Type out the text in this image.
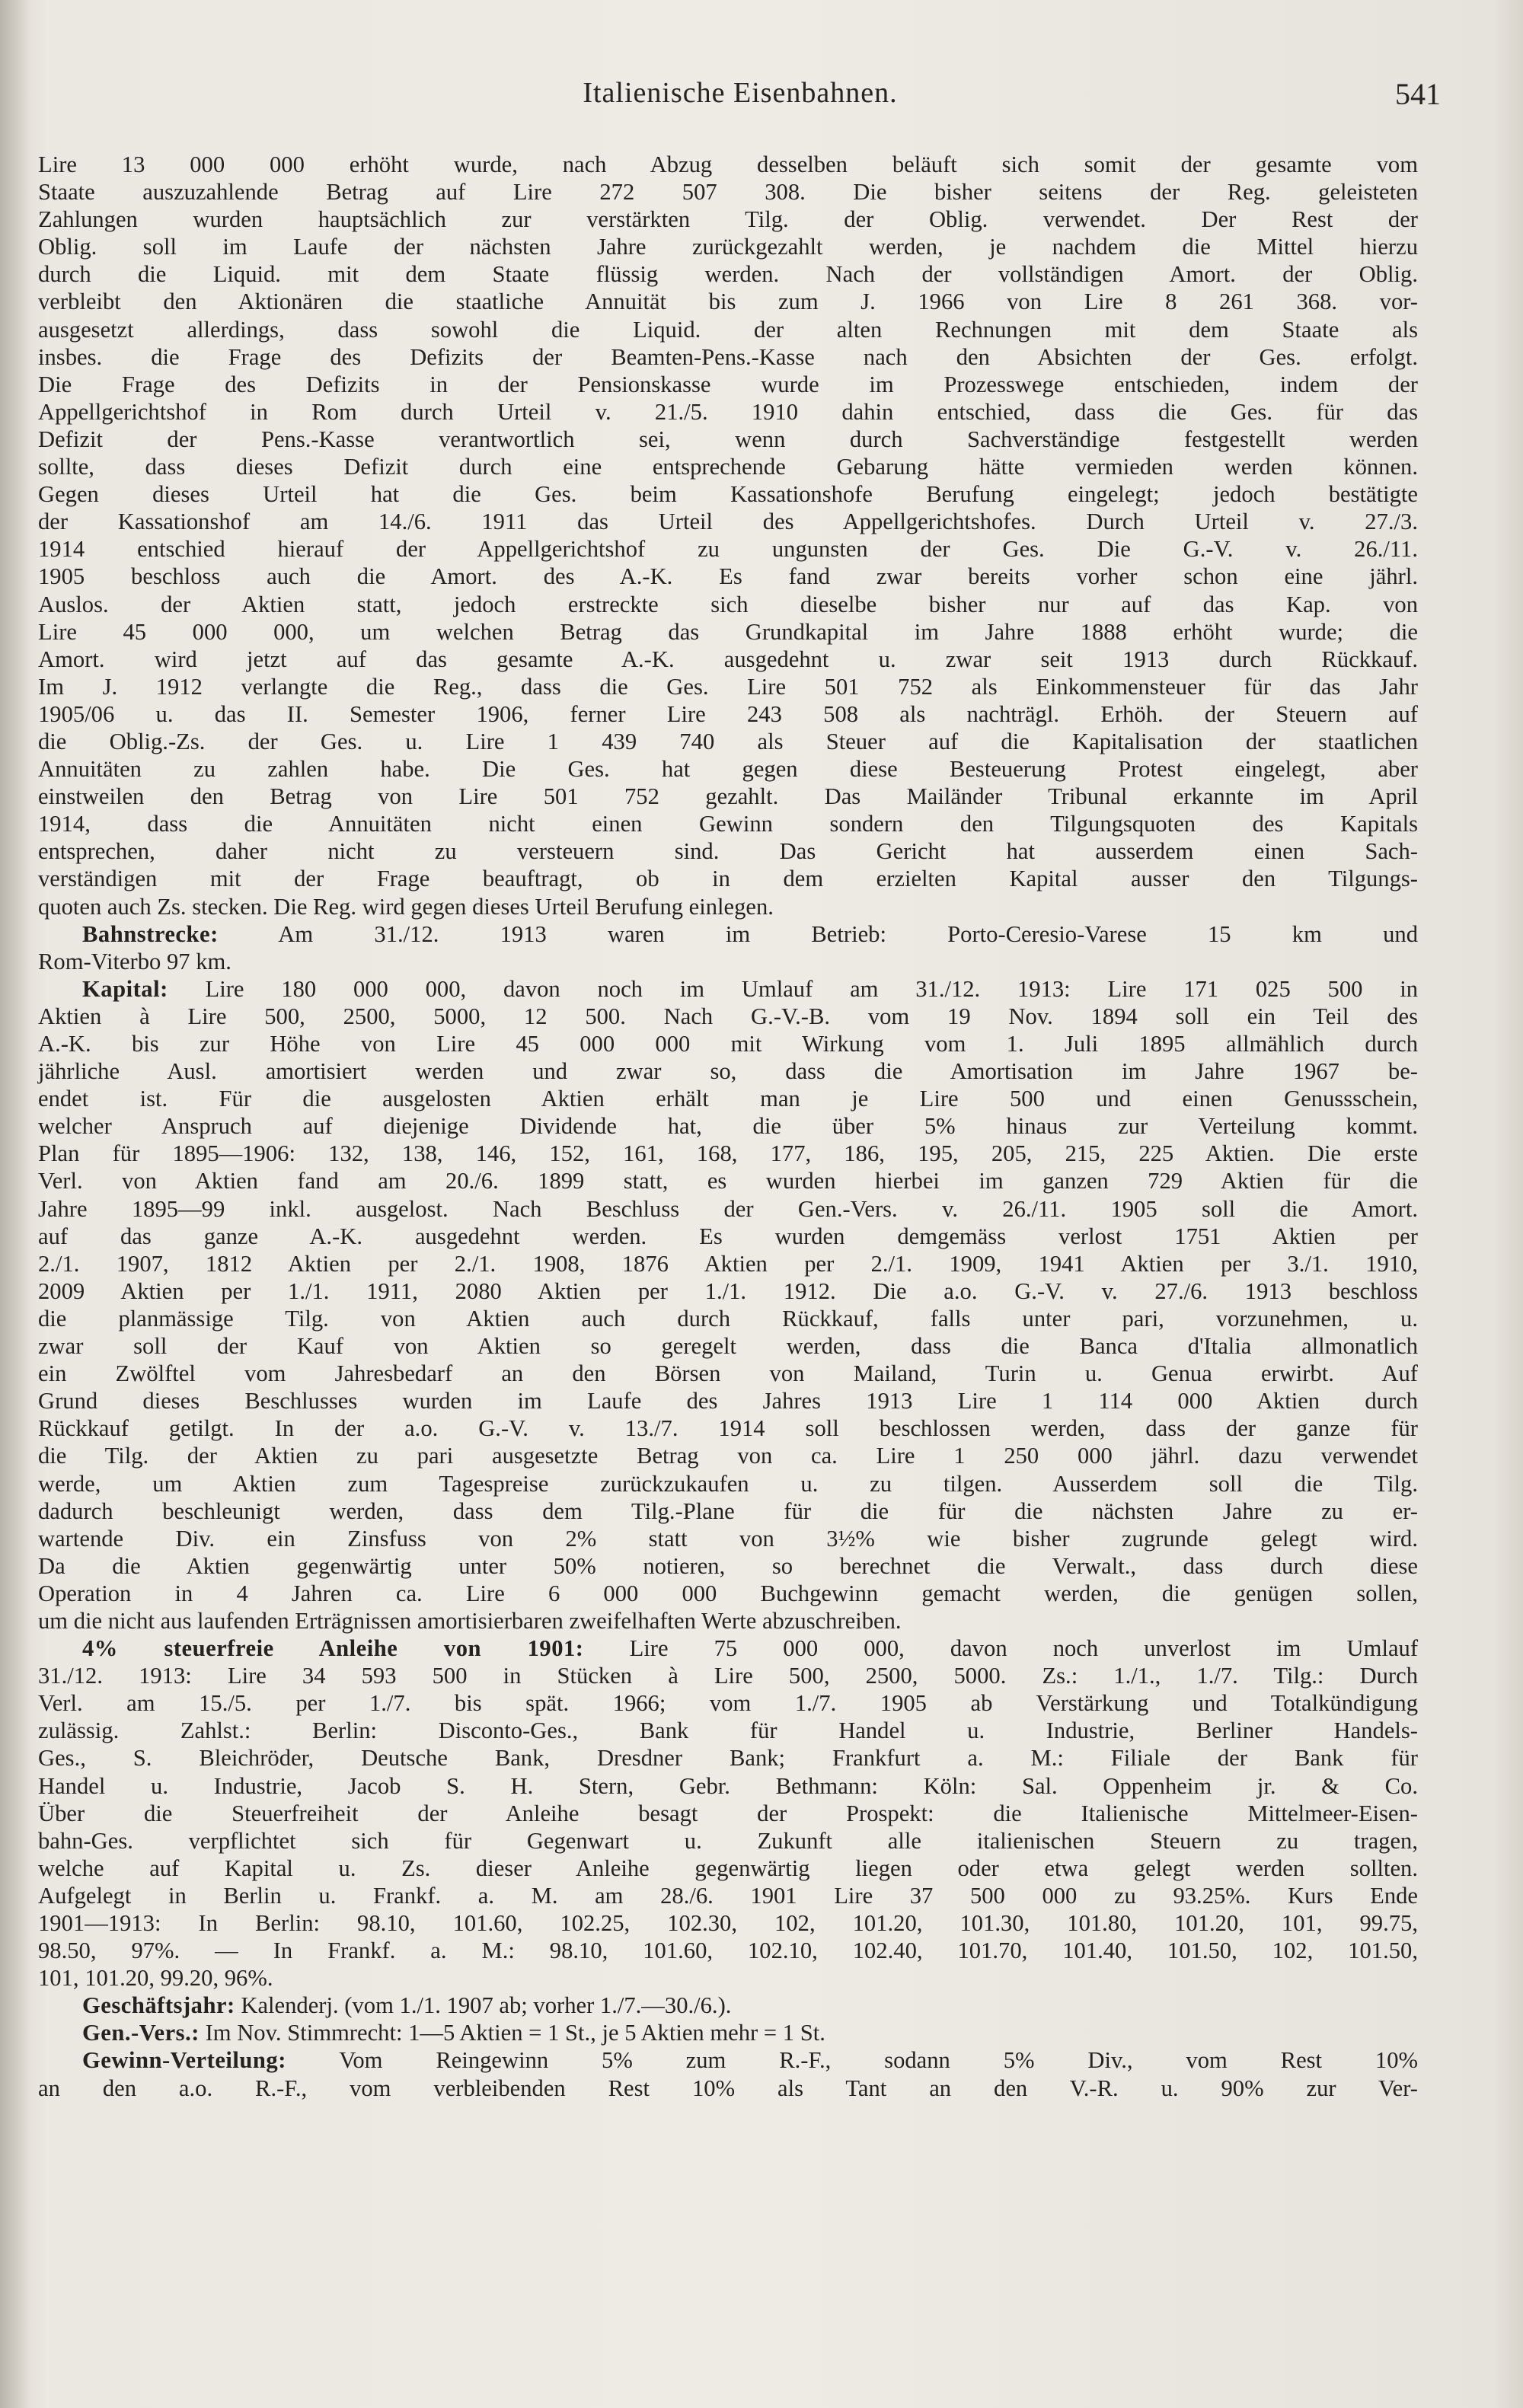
Italienische Eisenbahnen.	541
Lire 13 000 000 erhöht wurde, nach Abzug desselben beläuft sich somit der gesamte vom
Staate auszuzahlende Betrag auf Lire 272 507 308. Die bisher seitens der Reg. geleisteten
Zahlungen wurden hauptsächlich zur verstärkten Tilg. der Oblig. verwendet. Der Rest der
Oblig. soll im Laufe der nächsten Jahre zurückgezahlt werden, je nachdem die Mittel hierzu
durch die Liquid. mit dem Staate flüssig werden. Nach der vollständigen Amort. der Oblig.
verbleibt den Aktionären die staatliche Annuität bis zum J. 1966 von Lire 8 261 368. vor-
ausgesetzt allerdings, dass sowohl die Liquid. der alten Rechnungen mit dem Staate als
insbes. die Frage des Defizits der Beamten-Pens.-Kasse nach den Absichten der Ges. erfolgt.
Die Frage des Defizits in der Pensionskasse wurde im Prozesswege entschieden, indem der
Appellgerichtshof in Rom durch Urteil v. 21./5. 1910 dahin entschied, dass die Ges. für das
Defizit der Pens.-Kasse verantwortlich sei, wenn durch Sachverständige festgestellt werden
sollte, dass dieses Defizit durch eine entsprechende Gebarung hätte vermieden werden können.
Gegen dieses Urteil hat die Ges. beim Kassationshofe Berufung eingelegt; jedoch bestätigte
der Kassationshof am 14./6. 1911 das Urteil des Appellgerichtshofes. Durch Urteil v. 27./3.
1914 entschied hierauf der Appellgerichtshof zu ungunsten der Ges. Die G.-V. v. 26./11.
1905 beschloss auch die Amort. des A.-K. Es fand zwar bereits vorher schon eine jährl.
Auslos. der Aktien statt, jedoch erstreckte sich dieselbe bisher nur auf das Kap. von
Lire 45 000 000, um welchen Betrag das Grundkapital im Jahre 1888 erhöht wurde; die
Amort. wird jetzt auf das gesamte A.-K. ausgedehnt u. zwar seit 1913 durch Rückkauf.
Im J. 1912 verlangte die Reg., dass die Ges. Lire 501 752 als Einkommensteuer für das Jahr
1905/06 u. das II. Semester 1906, ferner Lire 243 508 als nachträgl. Erhöh. der Steuern auf
die Oblig.-Zs. der Ges. u. Lire 1 439 740 als Steuer auf die Kapitalisation der staatlichen
Annuitäten zu zahlen habe. Die Ges. hat gegen diese Besteuerung Protest eingelegt, aber
einstweilen den Betrag von Lire 501 752 gezahlt. Das Mailänder Tribunal erkannte im April
1914, dass die Annuitäten nicht einen Gewinn sondern den Tilgungsquoten des Kapitals
entsprechen, daher nicht zu versteuern sind. Das Gericht hat ausserdem einen Sach-
verständigen mit der Frage beauftragt, ob in dem erzielten Kapital ausser den Tilgungs-
quoten auch Zs. stecken. Die Reg. wird gegen dieses Urteil Berufung einlegen.
Bahnstrecke: Am 31./12. 1913 waren im Betrieb: Porto-Ceresio-Varese 15 km und
Rom-Viterbo 97 km.
Kapital: Lire 180 000 000, davon noch im Umlauf am 31./12. 1913: Lire 171 025 500 in
Aktien à Lire 500, 2500, 5000, 12 500. Nach G.-V.-B. vom 19 Nov. 1894 soll ein Teil des
A.-K. bis zur Höhe von Lire 45 000 000 mit Wirkung vom 1. Juli 1895 allmählich durch
jährliche Ausl. amortisiert werden und zwar so, dass die Amortisation im Jahre 1967 be-
endet ist. Für die ausgelosten Aktien erhält man je Lire 500 und einen Genussschein,
welcher Anspruch auf diejenige Dividende hat, die über 5% hinaus zur Verteilung kommt.
Plan für 1895—1906: 132, 138, 146, 152, 161, 168, 177, 186, 195, 205, 215, 225 Aktien. Die erste
Verl. von Aktien fand am 20./6. 1899 statt, es wurden hierbei im ganzen 729 Aktien für die
Jahre 1895—99 inkl. ausgelost. Nach Beschluss der Gen.-Vers. v. 26./11. 1905 soll die Amort.
auf das ganze A.-K. ausgedehnt werden. Es wurden demgemäss verlost 1751 Aktien per
2./1. 1907, 1812 Aktien per 2./1. 1908, 1876 Aktien per 2./1. 1909, 1941 Aktien per 3./1. 1910,
2009 Aktien per 1./1. 1911, 2080 Aktien per 1./1. 1912. Die a.o. G.-V. v. 27./6. 1913 beschloss
die planmässige Tilg. von Aktien auch durch Rückkauf, falls unter pari, vorzunehmen, u.
zwar soll der Kauf von Aktien so geregelt werden, dass die Banca d'Italia allmonatlich
ein Zwölftel vom Jahresbedarf an den Börsen von Mailand, Turin u. Genua erwirbt. Auf
Grund dieses Beschlusses wurden im Laufe des Jahres 1913 Lire 1 114 000 Aktien durch
Rückkauf getilgt. In der a.o. G.-V. v. 13./7. 1914 soll beschlossen werden, dass der ganze für
die Tilg. der Aktien zu pari ausgesetzte Betrag von ca. Lire 1 250 000 jährl. dazu verwendet
werde, um Aktien zum Tagespreise zurückzukaufen u. zu tilgen. Ausserdem soll die Tilg.
dadurch beschleunigt werden, dass dem Tilg.-Plane für die für die nächsten Jahre zu er-
wartende Div. ein Zinsfuss von 2% statt von 3½% wie bisher zugrunde gelegt wird.
Da die Aktien gegenwärtig unter 50% notieren, so berechnet die Verwalt., dass durch diese
Operation in 4 Jahren ca. Lire 6 000 000 Buchgewinn gemacht werden, die genügen sollen,
um die nicht aus laufenden Erträgnissen amortisierbaren zweifelhaften Werte abzuschreiben.
4% steuerfreie Anleihe von 1901: Lire 75 000 000, davon noch unverlost im Umlauf
31./12. 1913: Lire 34 593 500 in Stücken à Lire 500, 2500, 5000. Zs.: 1./1., 1./7. Tilg.: Durch
Verl. am 15./5. per 1./7. bis spät. 1966; vom 1./7. 1905 ab Verstärkung und Totalkündigung
zulässig. Zahlst.: Berlin: Disconto-Ges., Bank für Handel u. Industrie, Berliner Handels-
Ges., S. Bleichröder, Deutsche Bank, Dresdner Bank; Frankfurt a. M.: Filiale der Bank für
Handel u. Industrie, Jacob S. H. Stern, Gebr. Bethmann: Köln: Sal. Oppenheim jr. & Co.
Über die Steuerfreiheit der Anleihe besagt der Prospekt: die Italienische Mittelmeer-Eisen-
bahn-Ges. verpflichtet sich für Gegenwart u. Zukunft alle italienischen Steuern zu tragen,
welche auf Kapital u. Zs. dieser Anleihe gegenwärtig liegen oder etwa gelegt werden sollten.
Aufgelegt in Berlin u. Frankf. a. M. am 28./6. 1901 Lire 37 500 000 zu 93.25%. Kurs Ende
1901—1913: In Berlin: 98.10, 101.60, 102.25, 102.30, 102, 101.20, 101.30, 101.80, 101.20, 101, 99.75,
98.50, 97%. — In Frankf. a. M.: 98.10, 101.60, 102.10, 102.40, 101.70, 101.40, 101.50, 102, 101.50,
101, 101.20, 99.20, 96%.
Geschäftsjahr: Kalenderj. (vom 1./1. 1907 ab; vorher 1./7.—30./6.).
Gen.-Vers.: Im Nov. Stimmrecht: 1—5 Aktien = 1 St., je 5 Aktien mehr = 1 St.
Gewinn-Verteilung: Vom Reingewinn 5% zum R.-F., sodann 5% Div., vom Rest 10%
an den a.o. R.-F., vom verbleibenden Rest 10% als Tant an den V.-R. u. 90% zur Ver-
